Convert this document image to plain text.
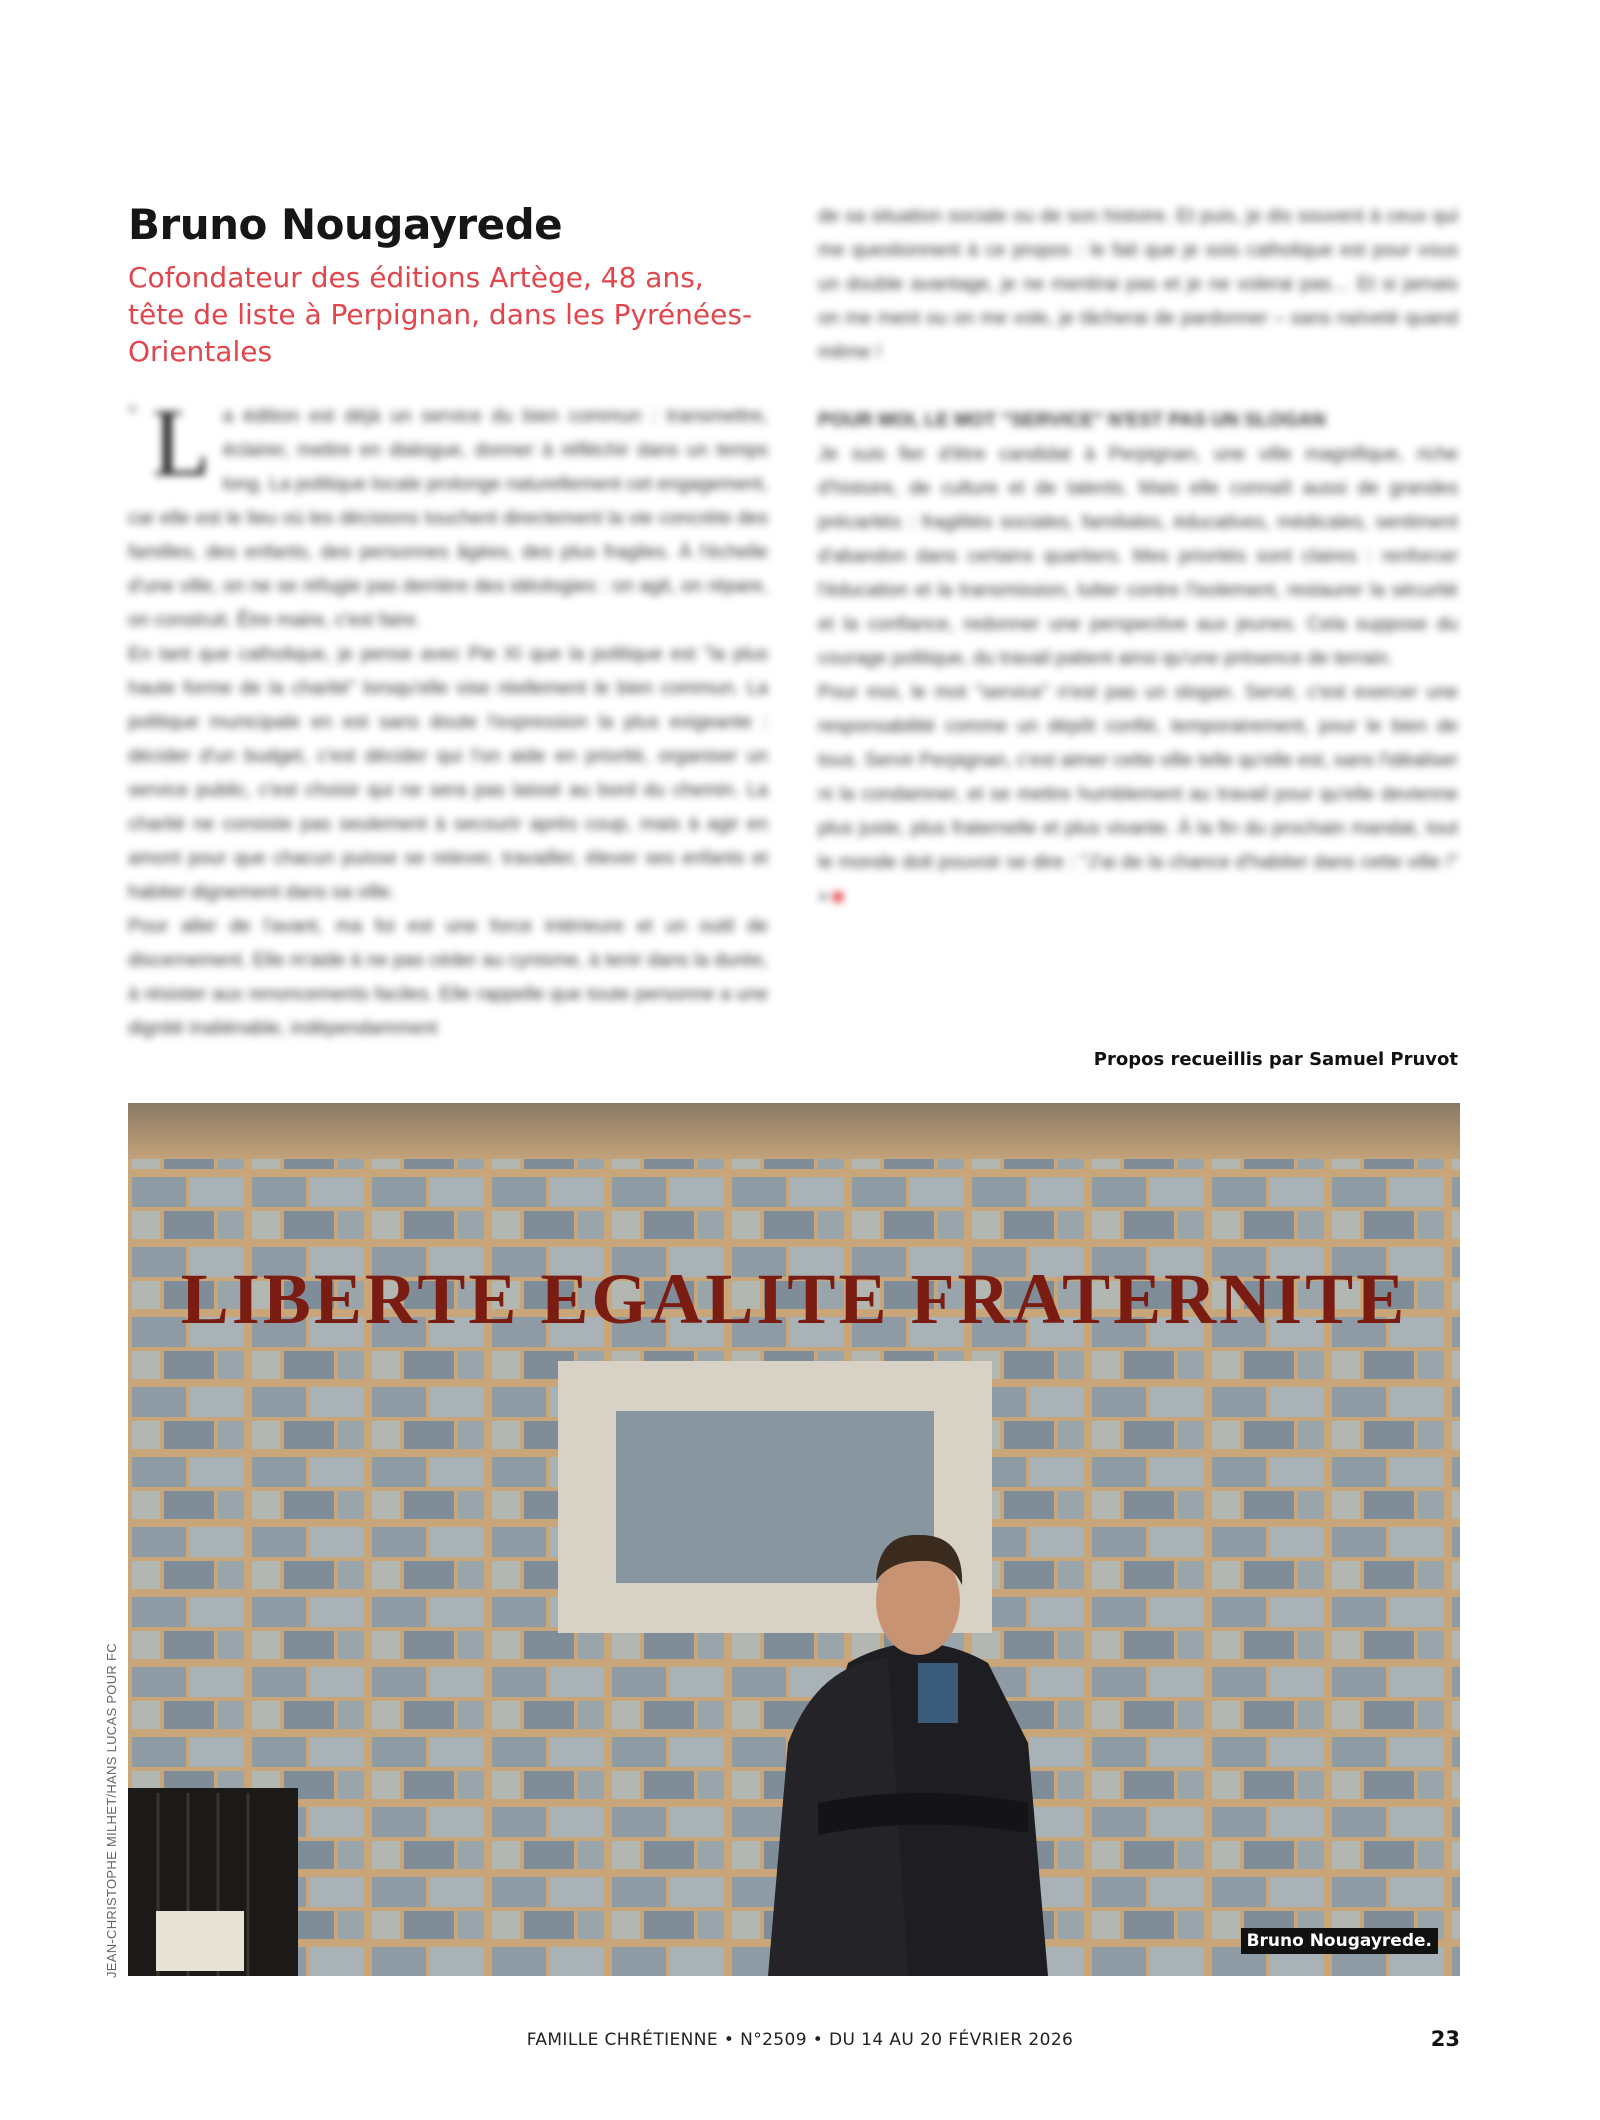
Bruno Nougayrede

Cofondateur des éditions Artège, 48 ans, tête de liste à Perpignan, dans les Pyrénées-Orientales

« L a édition est déjà un service du bien commun : transmettre, éclairer, mettre en dialogue, donner à réfléchir dans un temps long. La politique locale prolonge naturellement cet engagement, car elle est le lieu où les décisions touchent directement la vie concrète des familles, des enfants, des personnes âgées, des plus fragiles. À l'échelle d'une ville, on ne se réfugie pas derrière des idéologies : on agit, on répare, on construit. Être maire, c'est faire.

En tant que catholique, je pense avec Pie XI que la politique est "la plus haute forme de la charité" lorsqu'elle vise réellement le bien commun. La politique municipale en est sans doute l'expression la plus exigeante : décider d'un budget, c'est décider qui l'on aide en priorité, organiser un service public, c'est choisir qui ne sera pas laissé au bord du chemin. La charité ne consiste pas seulement à secourir après coup, mais à agir en amont pour que chacun puisse se relever, travailler, élever ses enfants et habiter dignement dans sa ville.

Pour aller de l'avant, ma foi est une force intérieure et un outil de discernement. Elle m'aide à ne pas céder au cynisme, à tenir dans la durée, à résister aux renoncements faciles. Elle rappelle que toute personne a une dignité inaliénable, indépendamment

de sa situation sociale ou de son histoire. Et puis, je dis souvent à ceux qui me questionnent à ce propos : le fait que je sois catholique est pour vous un double avantage, je ne mentirai pas et je ne volerai pas… Et si jamais on me ment ou on me vole, je tâcherai de pardonner – sans naïveté quand même !

POUR MOI, LE MOT "SERVICE" N'EST PAS UN SLOGAN

Je suis fier d'être candidat à Perpignan, une ville magnifique, riche d'histoire, de culture et de talents. Mais elle connaît aussi de grandes précarités : fragilités sociales, familiales, éducatives, médicales, sentiment d'abandon dans certains quartiers. Mes priorités sont claires : renforcer l'éducation et la transmission, lutter contre l'isolement, restaurer la sécurité et la confiance, redonner une perspective aux jeunes. Cela suppose du courage politique, du travail patient ainsi qu'une présence de terrain.

Pour moi, le mot "service" n'est pas un slogan. Servir, c'est exercer une responsabilité comme un dépôt confié, temporairement, pour le bien de tous. Servir Perpignan, c'est aimer cette ville telle qu'elle est, sans l'idéaliser ni la condamner, et se mettre humblement au travail pour qu'elle devienne plus juste, plus fraternelle et plus vivante. À la fin du prochain mandat, tout le monde doit pouvoir se dire : "J'ai de la chance d'habiter dans cette ville !" »

Propos recueillis par Samuel Pruvot
LIBERTE EGALITE FRATERNITE
Bruno Nougayrede.
JEAN-CHRISTOPHE MILHET/HANS LUCAS POUR FC
FAMILLE CHRÉTIENNE • N°2509 • DU 14 AU 20 FÉVRIER 2026	23
